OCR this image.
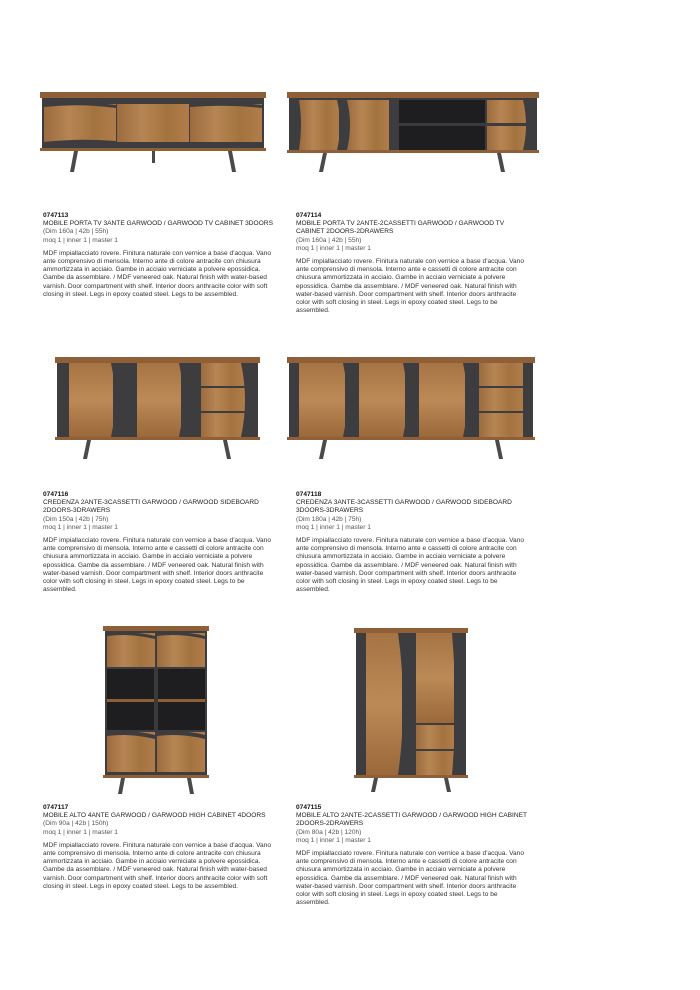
0747113
MOBILE PORTA TV 3ANTE GARWOOD / GARWOOD TV CABINET 3DOORS
(Dim 160a | 42b | 55h)
moq 1 | inner 1 | master 1
MDF impiallacciato rovere. Finitura naturale con vernice a base d'acqua. Vano ante comprensivo di mensola. Interno ante di colore antracite con chiusura ammortizzata in acciaio. Gambe in acciaio verniciate a polvere epossidica. Gambe da assemblare. / MDF veneered oak. Natural finish with water-based varnish. Door compartment with shelf. Interior doors anthracite color with soft closing in steel. Legs in epoxy coated steel. Legs to be assembled.
0747114
MOBILE PORTA TV 2ANTE-2CASSETTI GARWOOD / GARWOOD TV CABINET 2DOORS-2DRAWERS
(Dim 160a | 42b | 55h)
moq 1 | inner 1 | master 1
MDF impiallacciato rovere. Finitura naturale con vernice a base d'acqua. Vano ante comprensivo di mensola. Interno ante e cassetti di colore antracite con chiusura ammortizzata in acciaio. Gambe in acciaio verniciate a polvere epossidica. Gambe da assemblare. / MDF veneered oak. Natural finish with water-based varnish. Door compartment with shelf. Interior doors anthracite color with soft closing in steel. Legs in epoxy coated steel. Legs to be assembled.
0747116
CREDENZA 2ANTE-3CASSETTI GARWOOD / GARWOOD SIDEBOARD 2DOORS-3DRAWERS
(Dim 150a | 42b | 75h)
moq 1 | inner 1 | master 1
MDF impiallacciato rovere. Finitura naturale con vernice a base d'acqua. Vano ante comprensivo di mensola. Interno ante e cassetti di colore antracite con chiusura ammortizzata in acciaio. Gambe in acciaio verniciate a polvere epossidica. Gambe da assemblare. / MDF veneered oak. Natural finish with water-based varnish. Door compartment with shelf. Interior doors anthracite color with soft closing in steel. Legs in epoxy coated steel. Legs to be assembled.
0747118
CREDENZA 3ANTE-3CASSETTI GARWOOD / GARWOOD SIDEBOARD 3DOORS-3DRAWERS
(Dim 180a | 42b | 75h)
moq 1 | inner 1 | master 1
MDF impiallacciato rovere. Finitura naturale con vernice a base d'acqua. Vano ante comprensivo di mensola. Interno ante e cassetti di colore antracite con chiusura ammortizzata in acciaio. Gambe in acciaio verniciate a polvere epossidica. Gambe da assemblare. / MDF veneered oak. Natural finish with water-based varnish. Door compartment with shelf. Interior doors anthracite color with soft closing in steel. Legs in epoxy coated steel. Legs to be assembled.
0747117
MOBILE ALTO 4ANTE GARWOOD / GARWOOD HIGH CABINET 4DOORS
(Dim 90a | 42b | 150h)
moq 1 | inner 1 | master 1
MDF impiallacciato rovere. Finitura naturale con vernice a base d'acqua. Vano ante comprensivo di mensola. Interno ante di colore antracite con chiusura ammortizzata in acciaio. Gambe in acciaio verniciate a polvere epossidica. Gambe da assemblare. / MDF veneered oak. Natural finish with water-based varnish. Door compartment with shelf. Interior doors anthracite color with soft closing in steel. Legs in epoxy coated steel. Legs to be assembled.
0747115
MOBILE ALTO 2ANTE-2CASSETTI GARWOOD / GARWOOD HIGH CABINET 2DOORS-2DRAWERS
(Dim 80a | 42b | 120h)
moq 1 | inner 1 | master 1
MDF impiallacciato rovere. Finitura naturale con vernice a base d'acqua. Vano ante comprensivo di mensola. Interno ante e cassetti di colore antracite con chiusura ammortizzata in acciaio. Gambe in acciaio verniciate a polvere epossidica. Gambe da assemblare. / MDF veneered oak. Natural finish with water-based varnish. Door compartment with shelf. Interior doors anthracite color with soft closing in steel. Legs in epoxy coated steel. Legs to be assembled.
